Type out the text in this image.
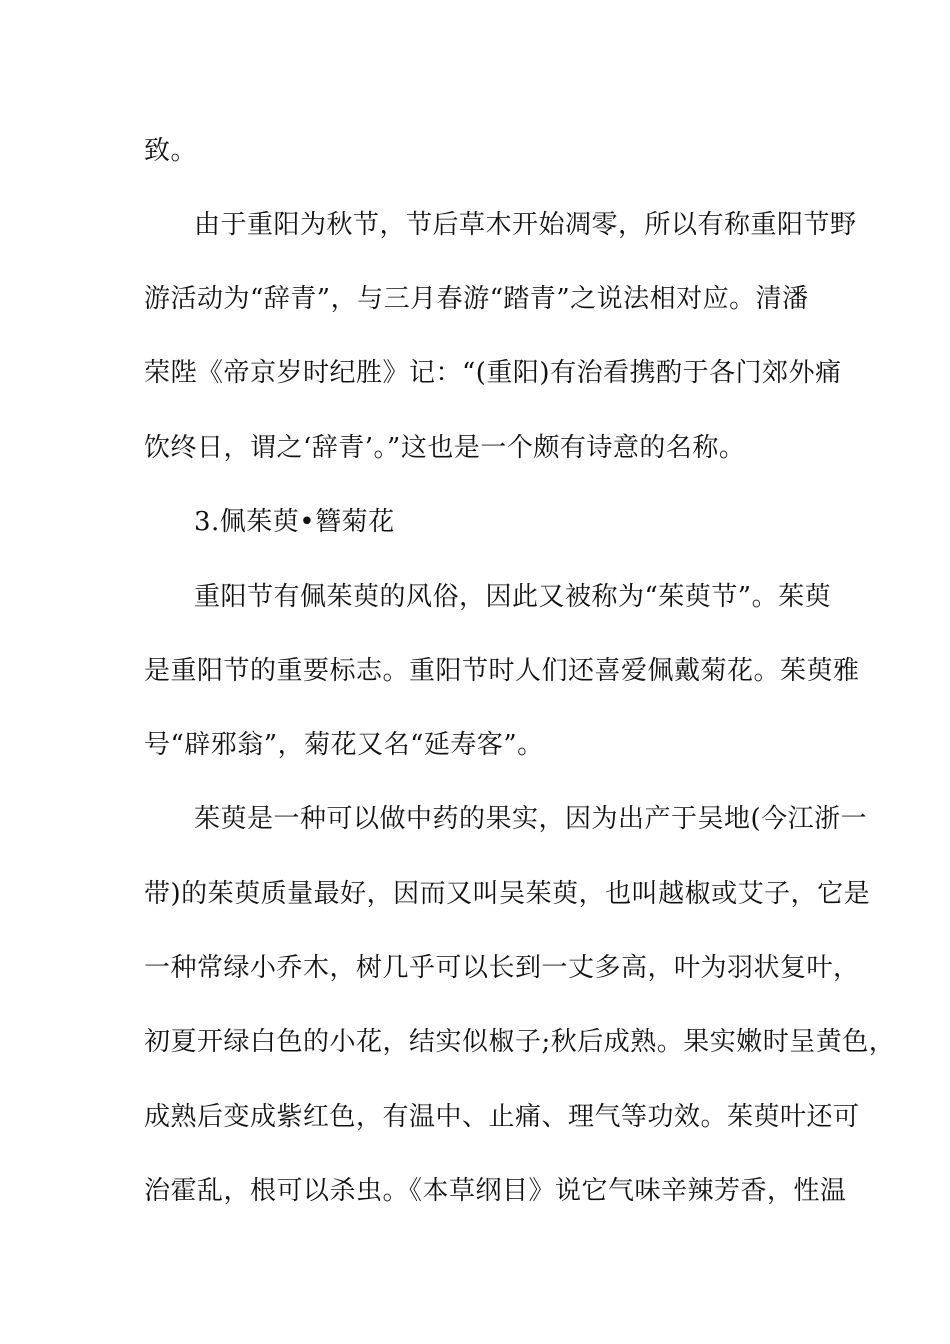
致。
由于重阳为秋节，节后草木开始凋零，所以有称重阳节野
游活动为“辞青”，与三月春游“踏青”之说法相对应。清潘
荣陛《帝京岁时纪胜》记：“(重阳)有治看携酌于各门郊外痛
饮终日，谓之‘辞青’。”这也是一个颇有诗意的名称。
3.佩茱萸•簪菊花
重阳节有佩茱萸的风俗，因此又被称为“茱萸节”。茱萸
是重阳节的重要标志。重阳节时人们还喜爱佩戴菊花。茱萸雅
号“辟邪翁”，菊花又名“延寿客”。
茱萸是一种可以做中药的果实，因为出产于吴地(今江浙一
带)的茱萸质量最好，因而又叫吴茱萸，也叫越椒或艾子，它是
一种常绿小乔木，树几乎可以长到一丈多高，叶为羽状复叶，
初夏开绿白色的小花，结实似椒子;秋后成熟。果实嫩时呈黄色，
成熟后变成紫红色，有温中、止痛、理气等功效。茱萸叶还可
治霍乱，根可以杀虫。《本草纲目》说它气味辛辣芳香，性温
